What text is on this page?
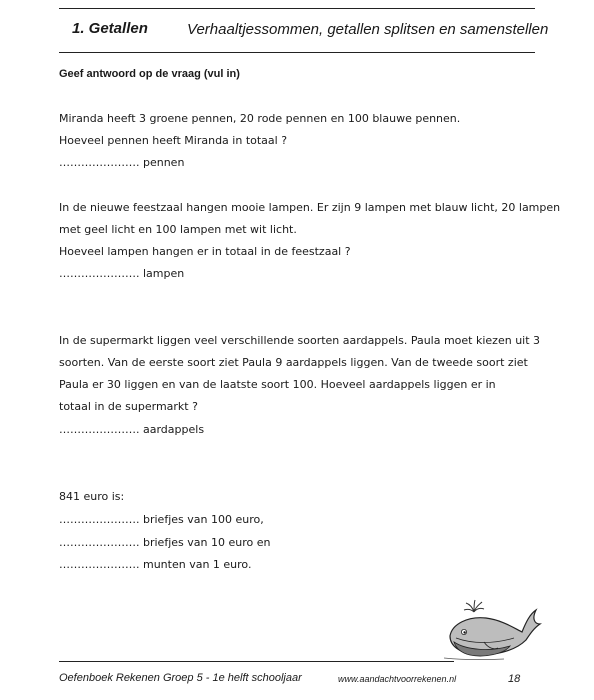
1. Getallen	Verhaaltjessommen, getallen splitsen en samenstellen
Geef antwoord op de vraag (vul in)
Miranda heeft 3 groene pennen, 20 rode pennen en 100 blauwe pennen.
Hoeveel pennen heeft Miranda in totaal ?
…………………. pennen
In de nieuwe feestzaal hangen mooie lampen. Er zijn 9 lampen met blauw licht, 20 lampen
met geel licht en 100 lampen met wit licht.
Hoeveel lampen hangen er in totaal in de feestzaal ?
…………………. lampen
In de supermarkt liggen veel verschillende soorten aardappels. Paula moet kiezen uit 3
soorten. Van de eerste soort ziet Paula 9 aardappels liggen. Van de tweede soort ziet
Paula er 30 liggen en van de laatste soort 100. Hoeveel aardappels liggen er in
totaal in de supermarkt ?
…………………. aardappels
841 euro is:
…………………. briefjes van 100 euro,
…………………. briefjes van 10 euro en
…………………. munten van 1 euro.
Oefenboek Rekenen Groep 5 - 1e helft schooljaar	www.aandachtvoorrekenen.nl	18
